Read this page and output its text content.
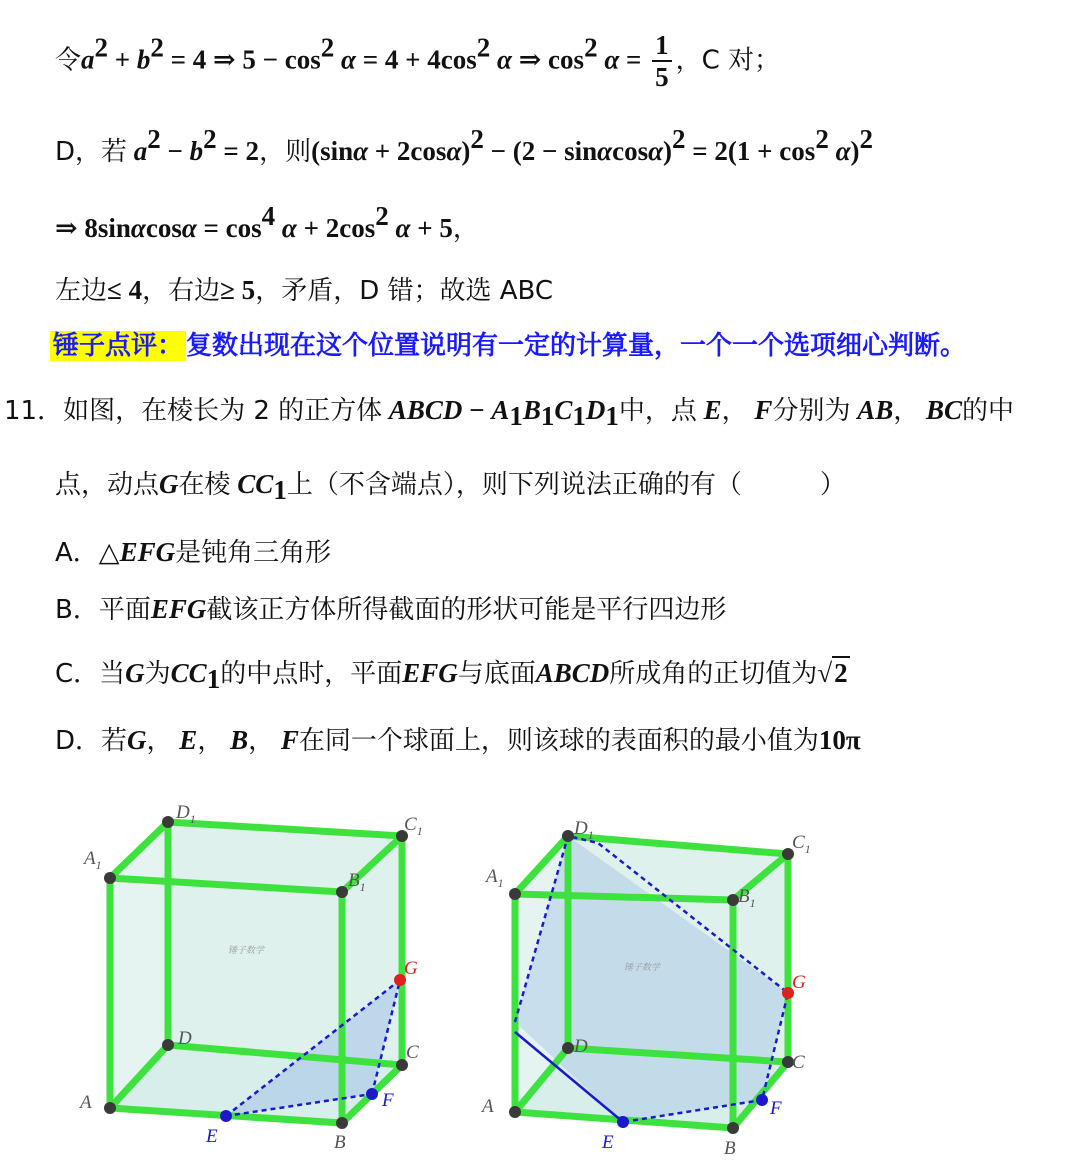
令$a^2 + b^2 = 4$ ⇒ $5 - \cos^2 \alpha = 4 + 4\cos^2$ α ⇒ $\cos^2 \alpha = \frac{1}{5}$ ，C 对；
D，若 $a^2 - b^2 = 2$，则$(\sin\alpha + 2\cos\alpha)^2 - (2 - \sin\alpha\cos\alpha)^2 = 2(1 + \cos^2 \alpha)^2$
⇒ $8\sin\alpha\cos\alpha = \cos^4 \alpha + 2\cos^2$ α + 5，
左边≤ 4，右边≥ 5，矛盾，D 错；故选 ABC
锤子点评： 复数出现在这个位置说明有一定的计算量，一个一个选项细心判断。
11．如图，在棱长为 2 的正方体 ABCD − $A_1B_1C_1D_1$中，点 E， F分别为 AB， BC的中
点，动点G在棱 $CC_1$上（不含端点），则下列说法正确的有（　　　）
A．△EFG是钝角三角形
B．平面EFG截该正方体所得截面的形状可能是平行四边形
C．当G为$CC_1$的中点时，平面EFG与底面ABCD所成角的正切值为√2
D．若G， E， B， F在同一个球面上，则该球的表面积的最小值为10π
锤子数学
$D_1$	$C_1$
$A_1$
$B_1$
D
C
A
B
E
F
G	锤子数学
$D_1$	$C_1$
$A_1$
$B_1$
D
C
A
B
E
F
G
